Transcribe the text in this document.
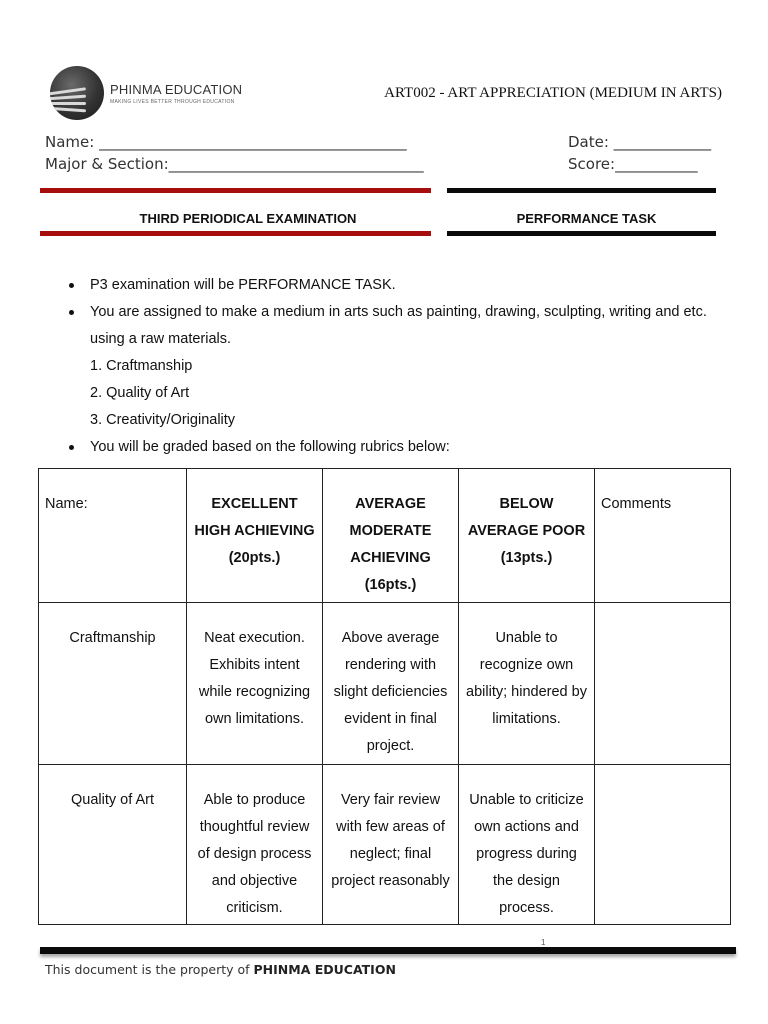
PHINMA EDUCATION
MAKING LIVES BETTER THROUGH EDUCATION
ART002 - ART APPRECIATION (MEDIUM IN ARTS)
Name: _________________________________________
Major & Section:__________________________________
Date: _____________
Score:___________
THIRD PERIODICAL EXAMINATION	PERFORMANCE TASK
P3 examination will be PERFORMANCE TASK.
You are assigned to make a medium in arts such as painting, drawing, sculpting, writing and etc. using a raw materials.
1. Craftmanship
2. Quality of Art
3. Creativity/Originality
You will be graded based on the following rubrics below:
Name:	EXCELLENT HIGH ACHIEVING (20pts.)	AVERAGE MODERATE ACHIEVING (16pts.)	BELOW AVERAGE POOR (13pts.)	Comments
Craftmanship	Neat execution. Exhibits intent while recognizing own limitations.	Above average rendering with slight deficiencies evident in final project.	Unable to recognize own ability; hindered by limitations.	
Quality of Art	Able to produce thoughtful review of design process and objective criticism.	Very fair review with few areas of neglect; final project reasonably	Unable to criticize own actions and progress during the design process.	
1
This document is the property of PHINMA EDUCATION
